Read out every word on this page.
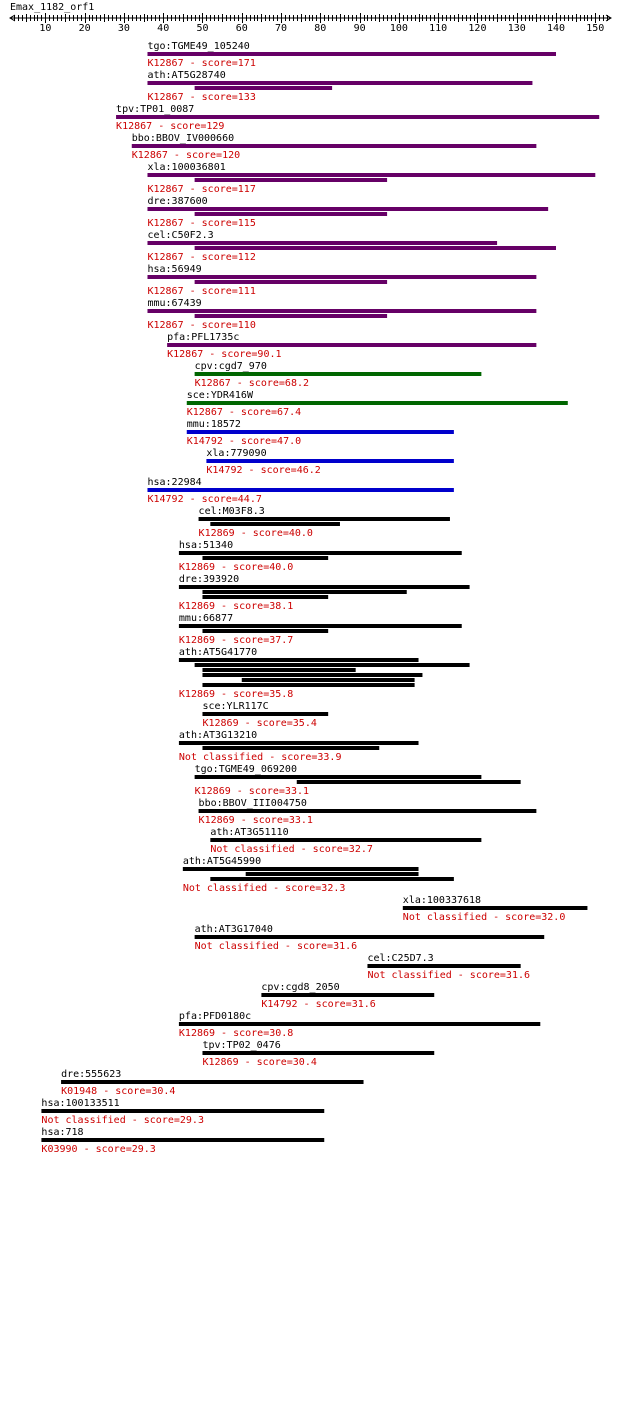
Emax_1182_orf1
10	20	30	40	50	60	70	80	90 100 110 120 130 140 150
tgo:TGME49_105240
K12867 - score=171
ath:AT5G28740
K12867 - score=133
tpv:TP01_0087
K12867 - score=129
bbo:BBOV_IV000660
K12867 - score=120
xla:100036801
K12867 - score=117
dre:387600
K12867 - score=115
cel:C50F2.3
K12867 - score=112
hsa:56949
K12867 - score=111
mmu:67439
K12867 - score=110
pfa:PFL1735c
K12867 - score=90.1
cpv:cgd7_970
K12867 - score=68.2
sce:YDR416W
K12867 - score=67.4
mmu:18572
K14792 - score=47.0
xla:779090
K14792 - score=46.2
hsa:22984
K14792 - score=44.7
cel:M03F8.3
K12869 - score=40.0
hsa:51340
K12869 - score=40.0
dre:393920
K12869 - score=38.1
mmu:66877
K12869 - score=37.7
ath:AT5G41770
K12869 - score=35.8
sce:YLR117C
K12869 - score=35.4
ath:AT3G13210
Not classified - score=33.9
tgo:TGME49_069200
K12869 - score=33.1
bbo:BBOV_III004750
K12869 - score=33.1
ath:AT3G51110
Not classified - score=32.7
ath:AT5G45990
Not classified - score=32.3
xla:100337618
Not classified - score=32.0
ath:AT3G17040
Not classified - score=31.6
cel:C25D7.3
Not classified - score=31.6
cpv:cgd8_2050
K14792 - score=31.6
pfa:PFD0180c
K12869 - score=30.8
tpv:TP02_0476
K12869 - score=30.4
dre:555623
K01948 - score=30.4
hsa:100133511
Not classified - score=29.3
hsa:718
K03990 - score=29.3
